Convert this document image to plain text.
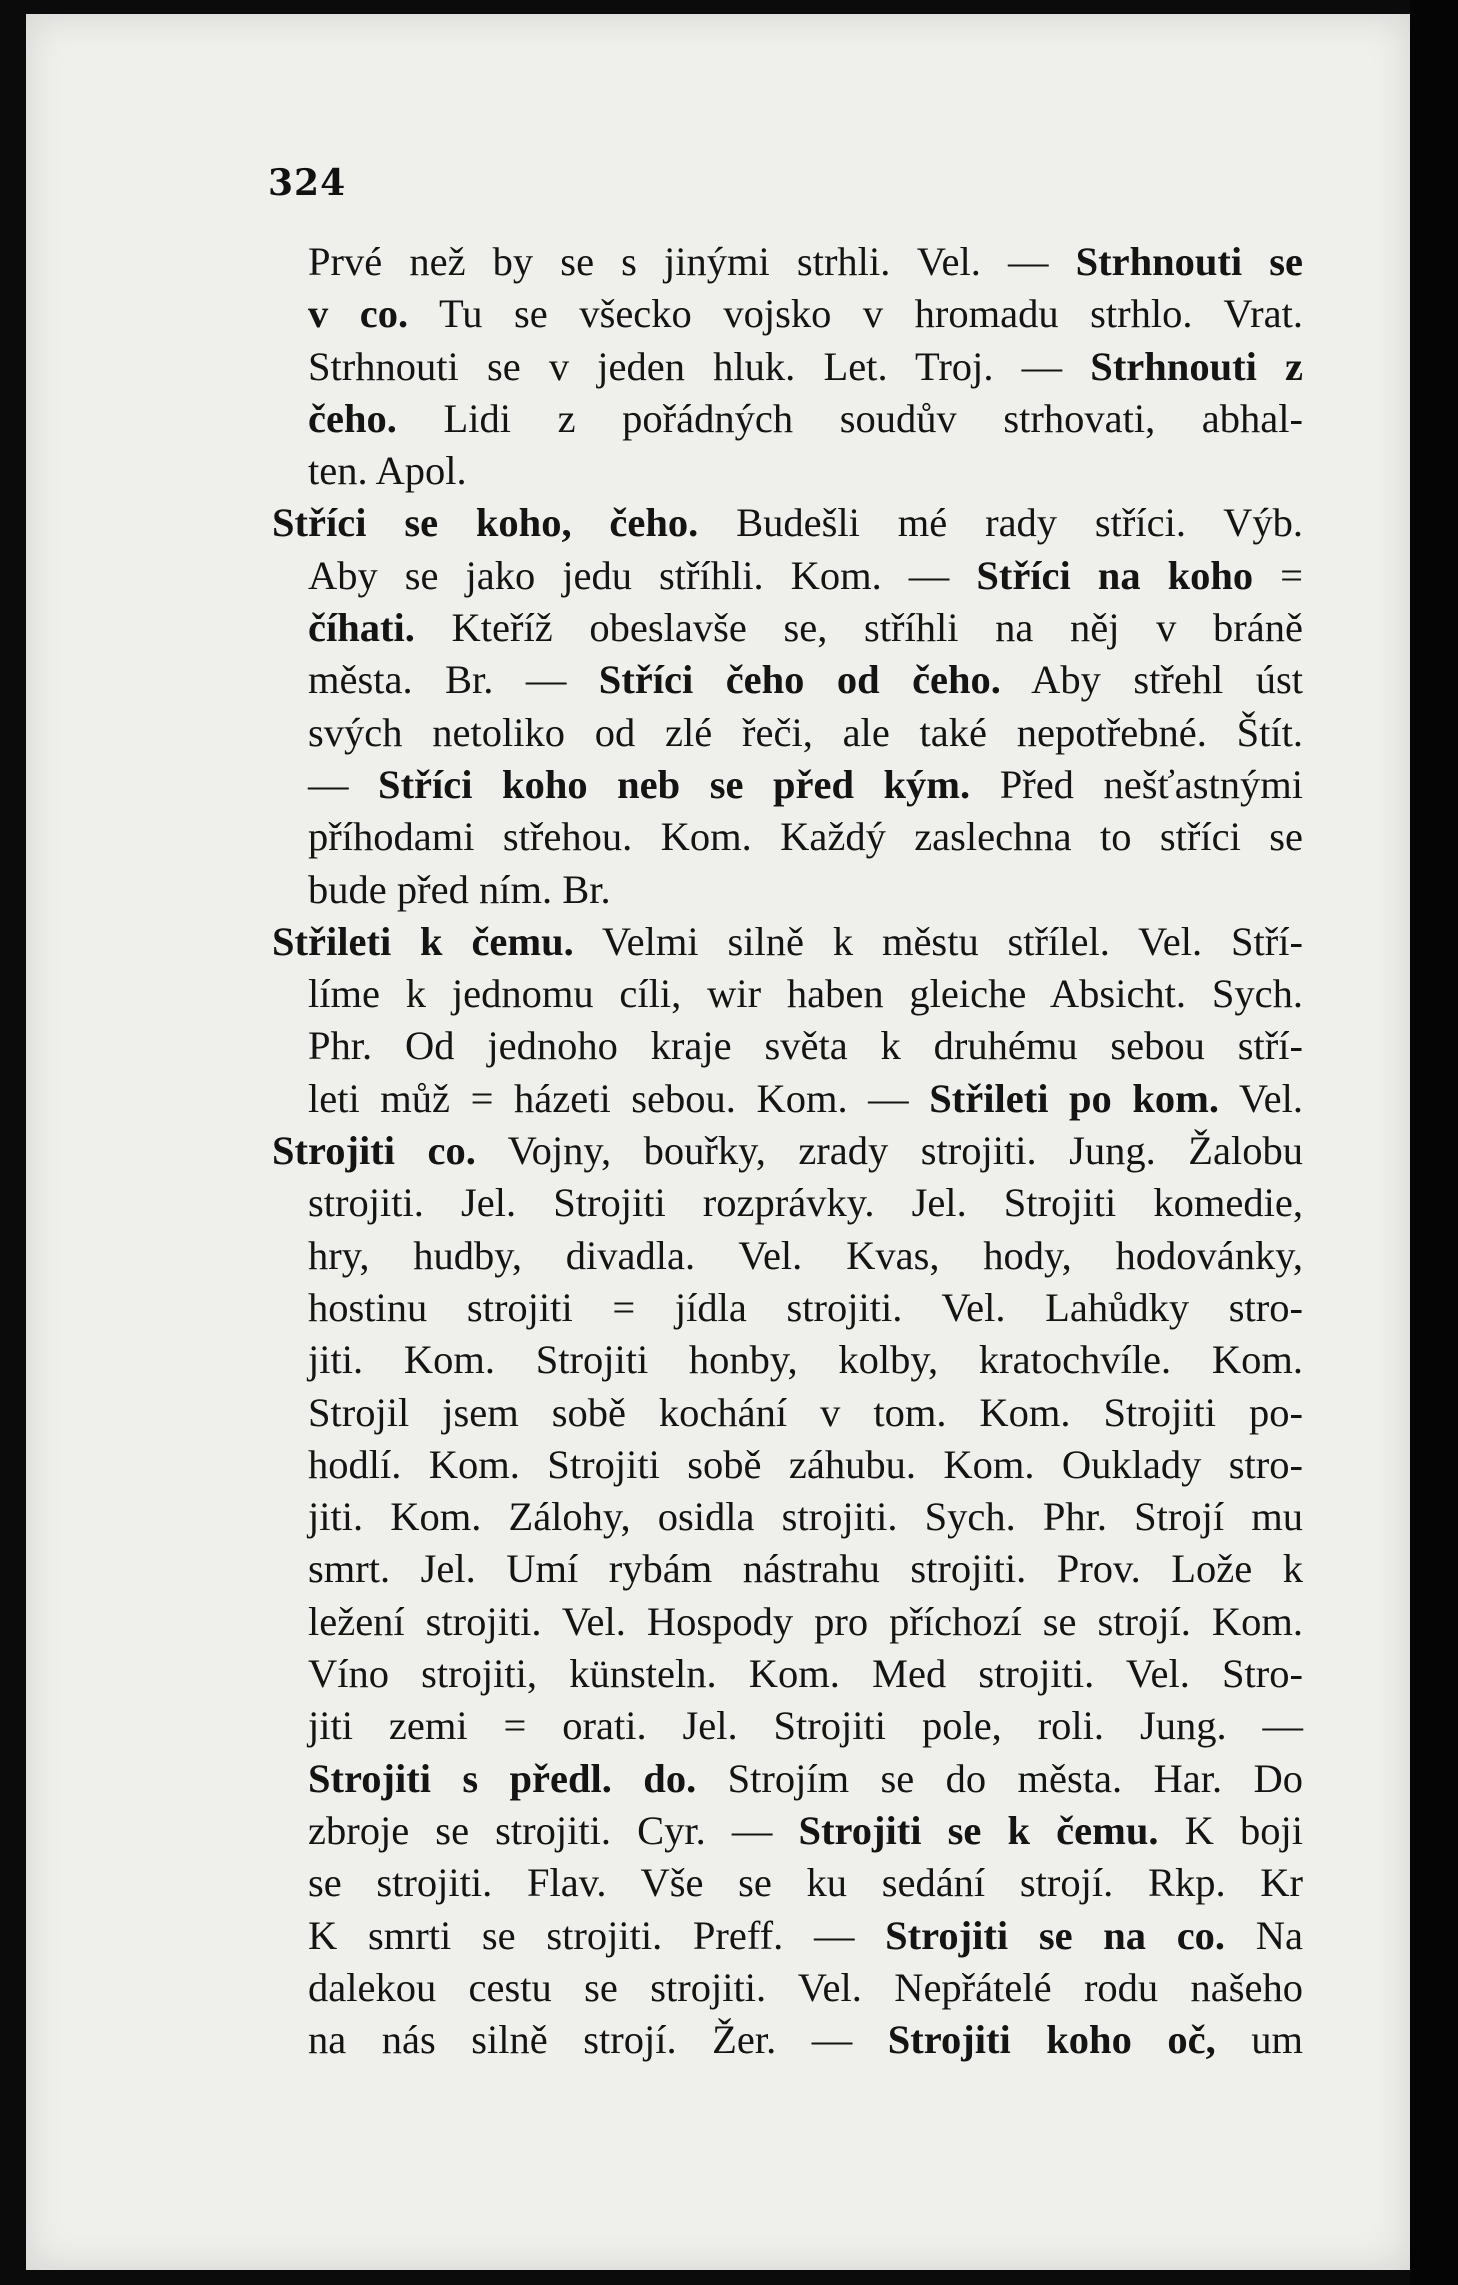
324
Prvé než by se s jinými strhli. Vel. — Strhnouti se
v co. Tu se všecko vojsko v hromadu strhlo. Vrat.
Strhnouti se v jeden hluk. Let. Troj. — Strhnouti z
čeho. Lidi z pořádných soudův strhovati, abhal-
ten. Apol.
Stříci se koho, čeho. Budešli mé rady stříci. Výb.
Aby se jako jedu stříhli. Kom. — Stříci na koho =
číhati. Kteříž obeslavše se, stříhli na něj v bráně
města. Br. — Stříci čeho od čeho. Aby střehl úst
svých netoliko od zlé řeči, ale také nepotřebné. Štít.
— Stříci koho neb se před kým. Před nešťastnými
příhodami střehou. Kom. Každý zaslechna to stříci se
bude před ním. Br.
Střileti k čemu. Velmi silně k městu střílel. Vel. Stří-
líme k jednomu cíli, wir haben gleiche Absicht. Sych.
Phr. Od jednoho kraje světa k druhému sebou stří-
leti můž = házeti sebou. Kom. — Střileti po kom. Vel.
Strojiti co. Vojny, bouřky, zrady strojiti. Jung. Žalobu
strojiti. Jel. Strojiti rozprávky. Jel. Strojiti komedie,
hry, hudby, divadla. Vel. Kvas, hody, hodovánky,
hostinu strojiti = jídla strojiti. Vel. Lahůdky stro-
jiti. Kom. Strojiti honby, kolby, kratochvíle. Kom.
Strojil jsem sobě kochání v tom. Kom. Strojiti po-
hodlí. Kom. Strojiti sobě záhubu. Kom. Ouklady stro-
jiti. Kom. Zálohy, osidla strojiti. Sych. Phr. Strojí mu
smrt. Jel. Umí rybám nástrahu strojiti. Prov. Lože k
ležení strojiti. Vel. Hospody pro příchozí se strojí. Kom.
Víno strojiti, künsteln. Kom. Med strojiti. Vel. Stro-
jiti zemi = orati. Jel. Strojiti pole, roli. Jung. —
Strojiti s předl. do. Strojím se do města. Har. Do
zbroje se strojiti. Cyr. — Strojiti se k čemu. K boji
se strojiti. Flav. Vše se ku sedání strojí. Rkp. Kr
K smrti se strojiti. Preff. — Strojiti se na co. Na
dalekou cestu se strojiti. Vel. Nepřátelé rodu našeho
na nás silně strojí. Žer. — Strojiti koho oč, um
